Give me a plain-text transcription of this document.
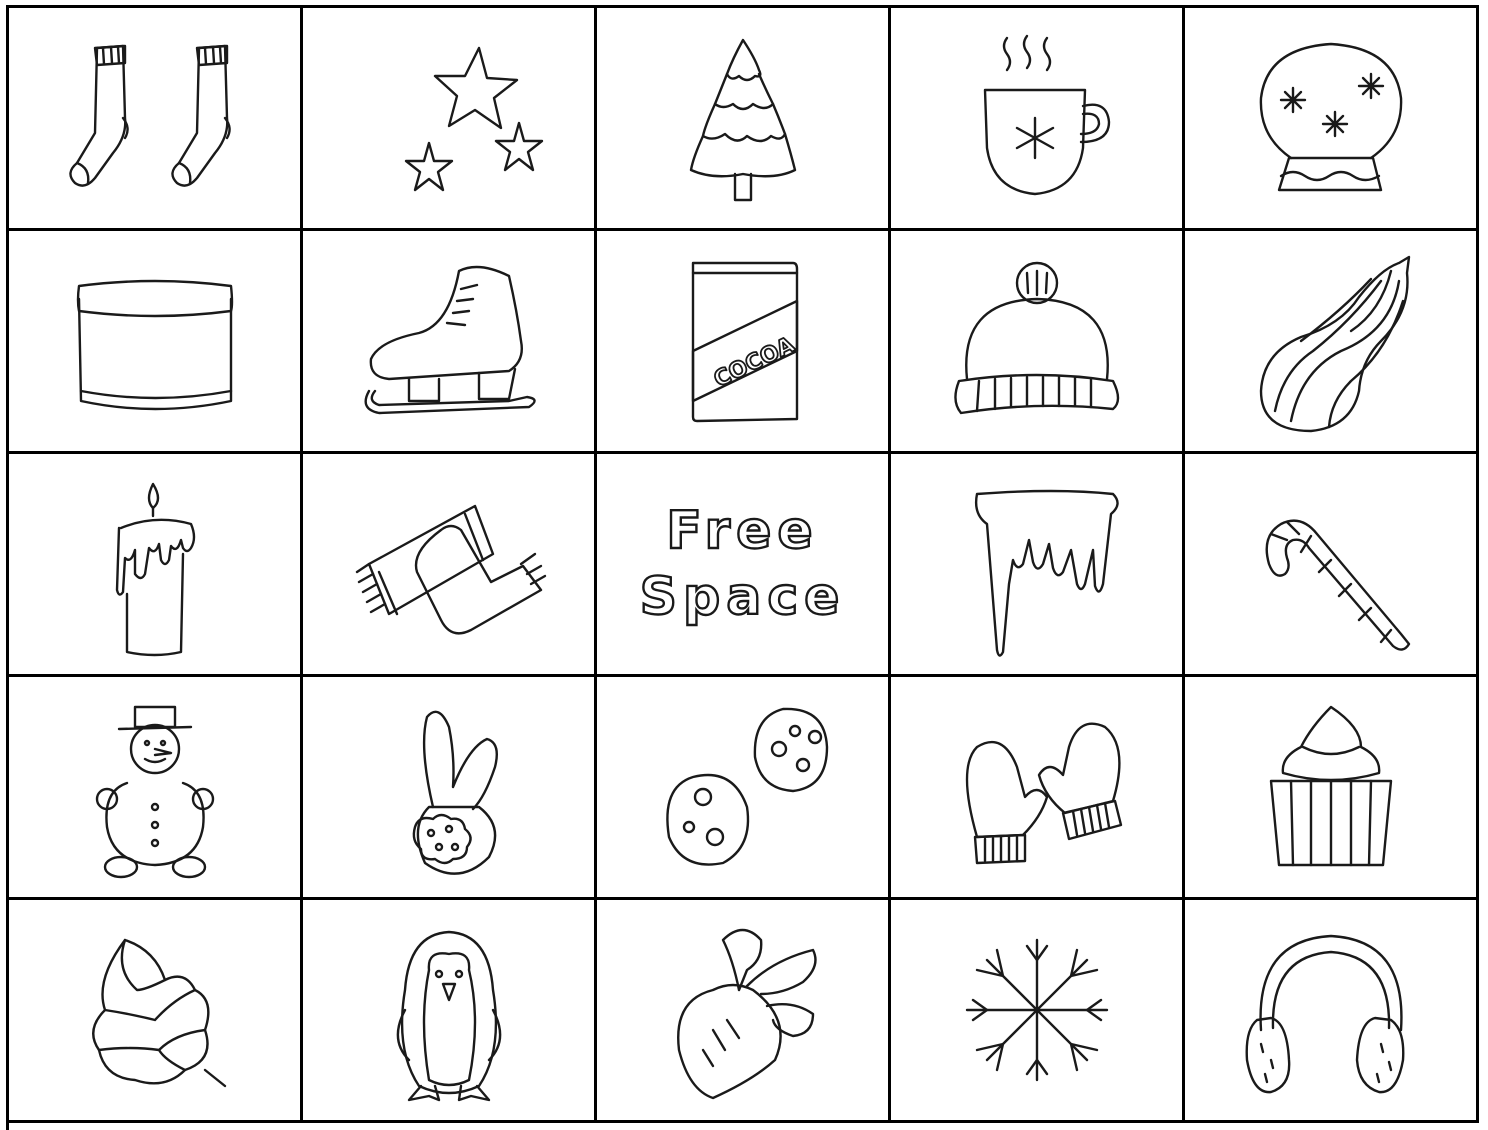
COCOA
Free
Space
